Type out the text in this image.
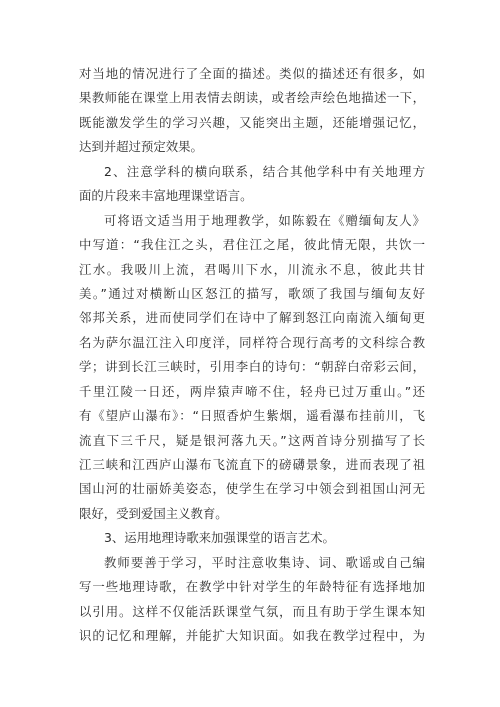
对当地的情况进行了全面的描述。类似的描述还有很多，如
果教师能在课堂上用表情去朗读，或者绘声绘色地描述一下，
既能激发学生的学习兴趣，又能突出主题，还能增强记忆，
达到并超过预定效果。
2、注意学科的横向联系，结合其他学科中有关地理方
面的片段来丰富地理课堂语言。
可将语文适当用于地理教学，如陈毅在《赠缅甸友人》
中写道：“我住江之头，君住江之尾，彼此情无限，共饮一
江水。我吸川上流，君喝川下水，川流永不息，彼此共甘
美。”通过对横断山区怒江的描写，歌颂了我国与缅甸友好
邻邦关系，进而使同学们在诗中了解到怒江向南流入缅甸更
名为萨尔温江注入印度洋，同样符合现行高考的文科综合教
学；讲到长江三峡时，引用李白的诗句：“朝辞白帝彩云间，
千里江陵一日还，两岸猿声啼不住，轻舟已过万重山。”还
有《望庐山瀑布》：“日照香炉生紫烟，遥看瀑布挂前川，飞
流直下三千尺，疑是银河落九天。”这两首诗分别描写了长
江三峡和江西庐山瀑布飞流直下的磅礴景象，进而表现了祖
国山河的壮丽娇美姿态，使学生在学习中领会到祖国山河无
限好，受到爱国主义教育。
3、运用地理诗歌来加强课堂的语言艺术。
教师要善于学习，平时注意收集诗、词、歌谣或自己编
写一些地理诗歌，在教学中针对学生的年龄特征有选择地加
以引用。这样不仅能活跃课堂气氛，而且有助于学生课本知
识的记忆和理解，并能扩大知识面。如我在教学过程中，为
